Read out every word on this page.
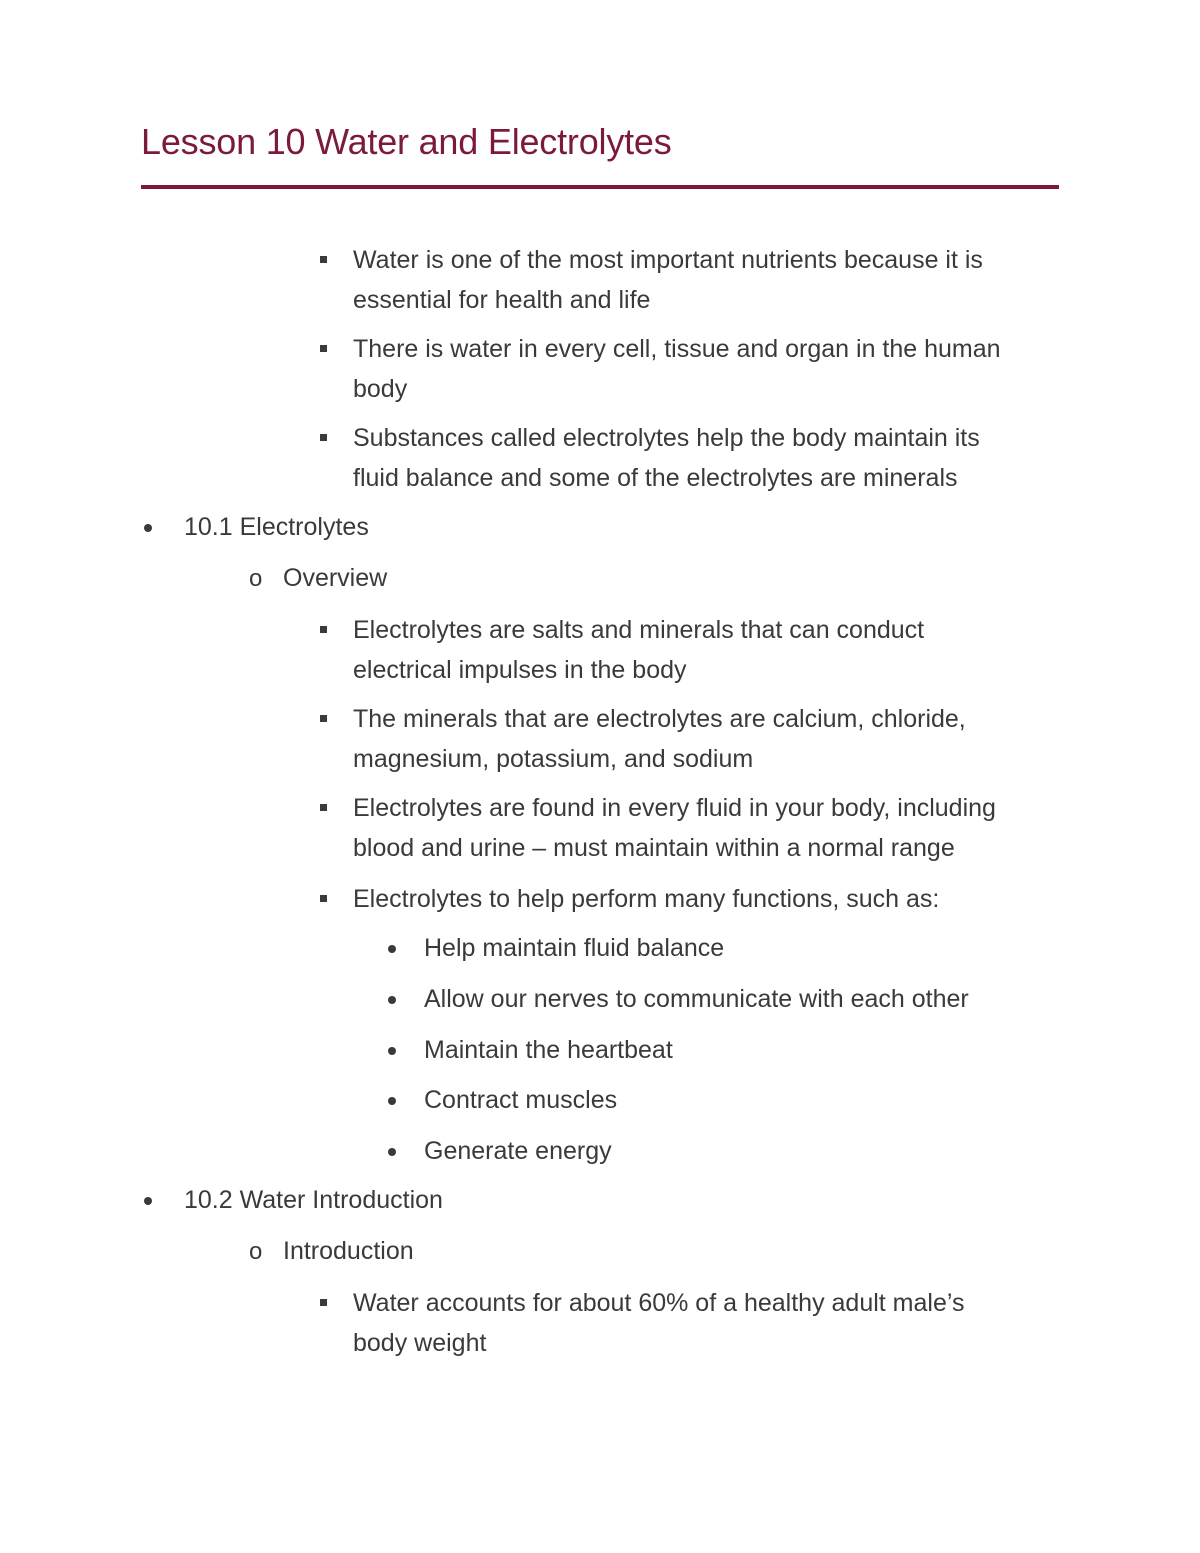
Lesson 10 Water and Electrolytes
Water is one of the most important nutrients because it is
essential for health and life
There is water in every cell, tissue and organ in the human
body
Substances called electrolytes help the body maintain its
fluid balance and some of the electrolytes are minerals
10.1 Electrolytes
o Overview
Electrolytes are salts and minerals that can conduct
electrical impulses in the body
The minerals that are electrolytes are calcium, chloride,
magnesium, potassium, and sodium
Electrolytes are found in every fluid in your body, including
blood and urine – must maintain within a normal range
Electrolytes to help perform many functions, such as:
Help maintain fluid balance
Allow our nerves to communicate with each other
Maintain the heartbeat
Contract muscles
Generate energy
10.2 Water Introduction
o Introduction
Water accounts for about 60% of a healthy adult male’s
body weight
